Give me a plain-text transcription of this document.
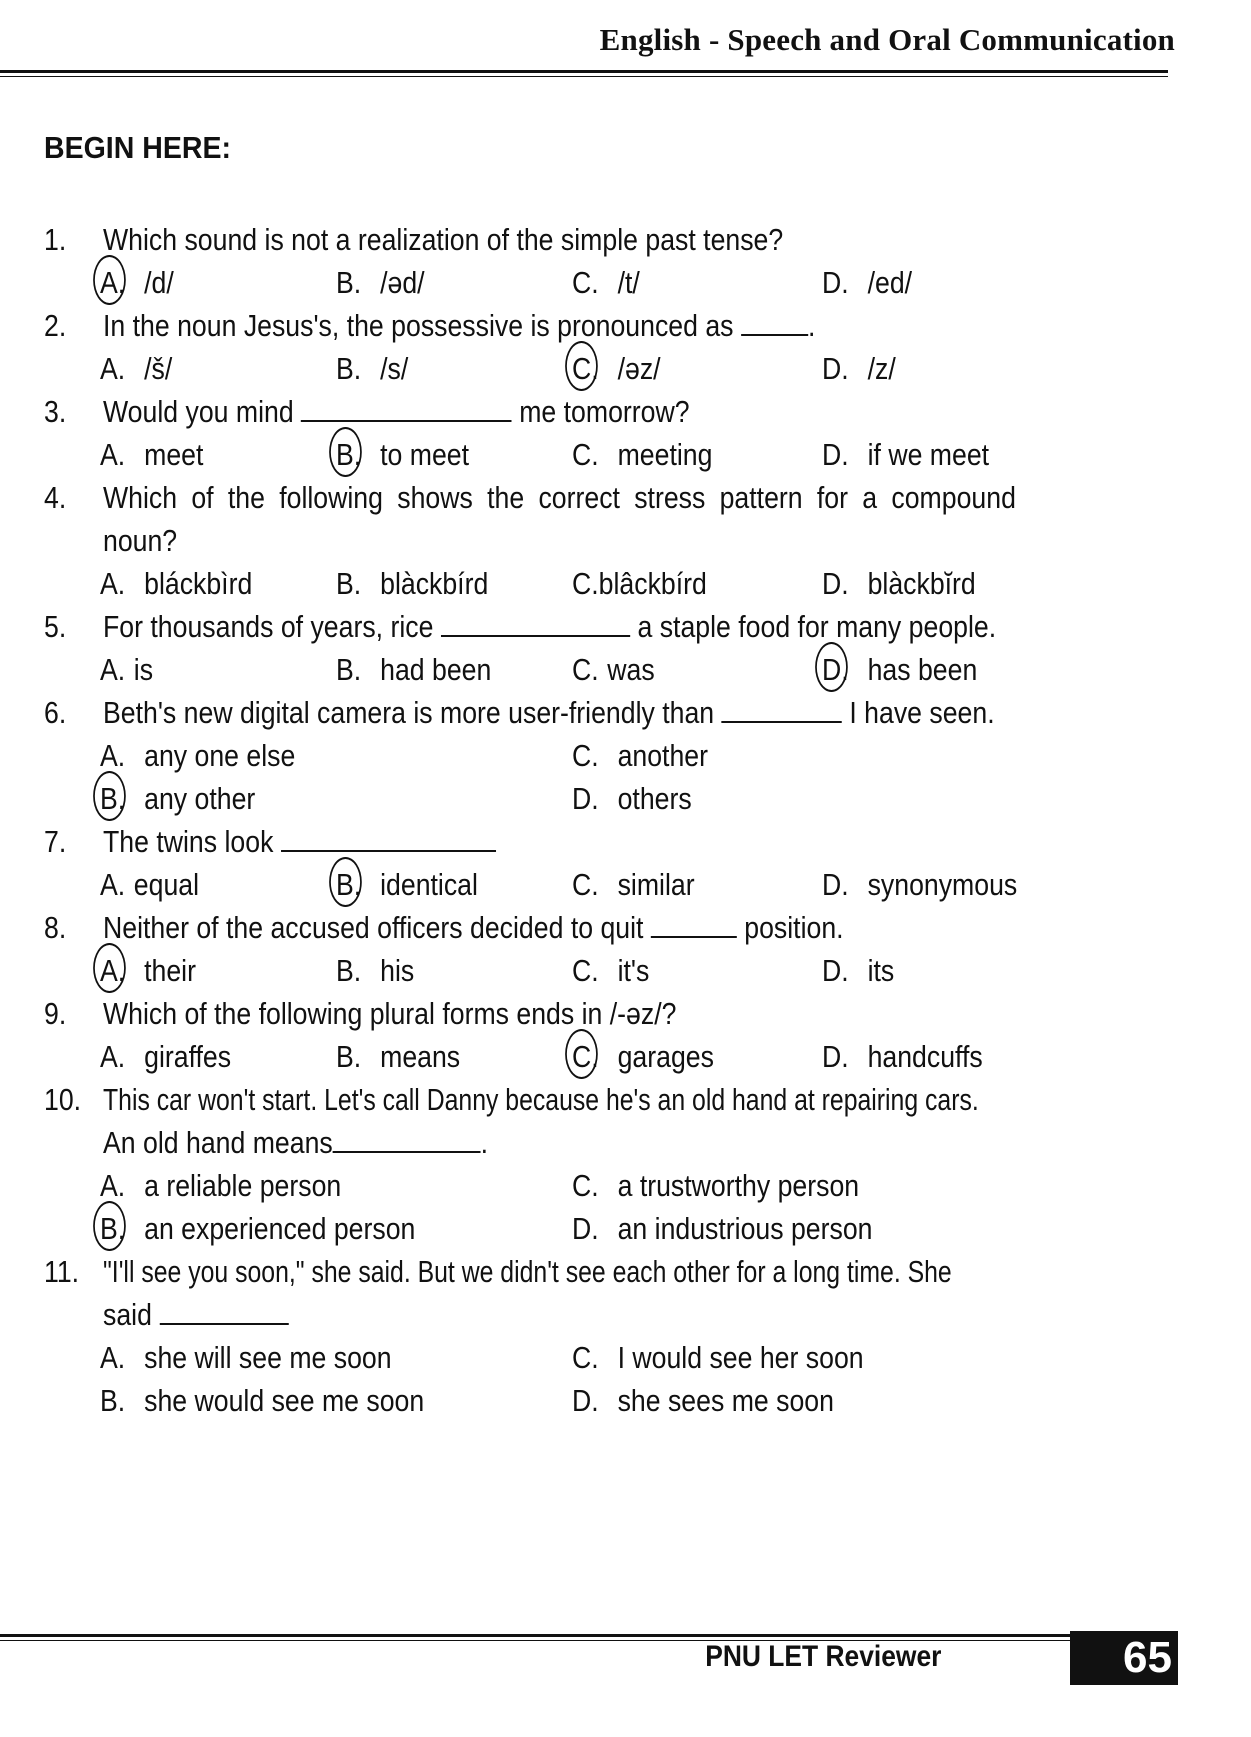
English - Speech and Oral Communication
BEGIN HERE:
1. Which sound is not a realization of the simple past tense?
A. /d/	B. /əd/	C. /t/	D. /ed/
2. In the noun Jesus's, the possessive is pronounced as .
A. /š/	B. /s/	C. /əz/	D. /z/
3. Would you mind	me tomorrow?
A. meet	B. to meet	C. meeting	D. if we meet
4. Which of the following shows the correct stress pattern for a compound
noun?
A. bláckbìrd	B. blàckbírd	C.blâckbírd	D. blàckbĭrd
5. For thousands of years, rice	a staple food for many people.
A. is	B. had been	C. was	D. has been
6. Beth's new digital camera is more user-friendly than	I have seen.
A. any one else	C. another
B. any other	D. others
7. The twins look
A. equal	B. identical	C. similar	D. synonymous
8. Neither of the accused officers decided to quit	position.
A. their	B. his	C. it's	D. its
9. Which of the following plural forms ends in /-əz/?
A. giraffes	B. means	C. garages	D. handcuffs
10. This car won't start. Let's call Danny because he's an old hand at repairing cars.
An old hand means	.
A. a reliable person	C. a trustworthy person
B. an experienced person	D. an industrious person
11. "I'll see you soon," she said. But we didn't see each other for a long time. She
said
A. she will see me soon	C. I would see her soon
B. she would see me soon	D. she sees me soon
PNU LET Reviewer	65
